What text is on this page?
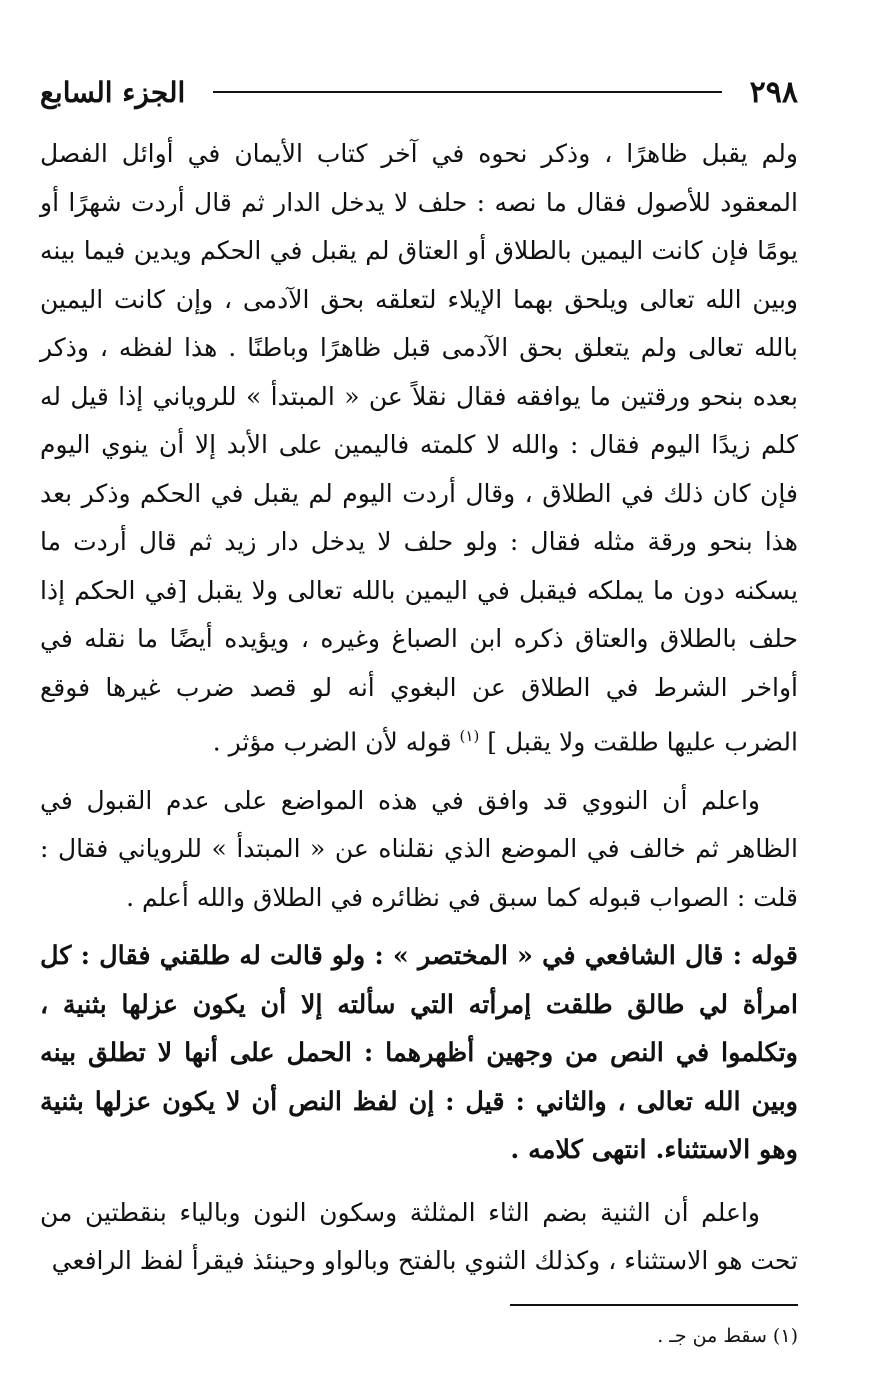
٢٩٨
الجزء السابع

ولم يقبل ظاهرًا ، وذكر نحوه في آخر كتاب الأيمان في أوائل الفصل المعقود للأصول فقال ما نصه : حلف لا يدخل الدار ثم قال أردت شهرًا أو يومًا فإن كانت اليمين بالطلاق أو العتاق لم يقبل في الحكم ويدين فيما بينه وبين الله تعالى ويلحق بهما الإيلاء لتعلقه بحق الآدمى ، وإن كانت اليمين بالله تعالى ولم يتعلق بحق الآدمى قبل ظاهرًا وباطنًا . هذا لفظه ، وذكر بعده بنحو ورقتين ما يوافقه فقال نقلاً عن « المبتدأ » للروياني إذا قيل له كلم زيدًا اليوم فقال : والله لا كلمته فاليمين على الأبد إلا أن ينوي اليوم فإن كان ذلك في الطلاق ، وقال أردت اليوم لم يقبل في الحكم وذكر بعد هذا بنحو ورقة مثله فقال : ولو حلف لا يدخل دار زيد ثم قال أردت ما يسكنه دون ما يملكه فيقبل في اليمين بالله تعالى ولا يقبل [في الحكم إذا حلف بالطلاق والعتاق ذكره ابن الصباغ وغيره ، ويؤيده أيضًا ما نقله في أواخر الشرط في الطلاق عن البغوي أنه لو قصد ضرب غيرها فوقع الضرب عليها طلقت ولا يقبل ] $^{(١)}$ قوله لأن الضرب مؤثر .

واعلم أن النووي قد وافق في هذه المواضع على عدم القبول في الظاهر ثم خالف في الموضع الذي نقلناه عن « المبتدأ » للروياني فقال : قلت : الصواب قبوله كما سبق في نظائره في الطلاق والله أعلم .

قوله : قال الشافعي في « المختصر » : ولو قالت له طلقني فقال : كل امرأة لي طالق طلقت إمرأته التي سألته إلا أن يكون عزلها بثنية ، وتكلموا في النص من وجهين أظهرهما : الحمل على أنها لا تطلق بينه وبين الله تعالى ، والثاني : قيل : إن لفظ النص أن لا يكون عزلها بثنية وهو الاستثناء. انتهى كلامه .

واعلم أن الثنية بضم الثاء المثلثة وسكون النون وبالياء بنقطتين من تحت هو الاستثناء ، وكذلك الثنوي بالفتح وبالواو وحينئذ فيقرأ لفظ الرافعي

(١) سقط من جـ .
